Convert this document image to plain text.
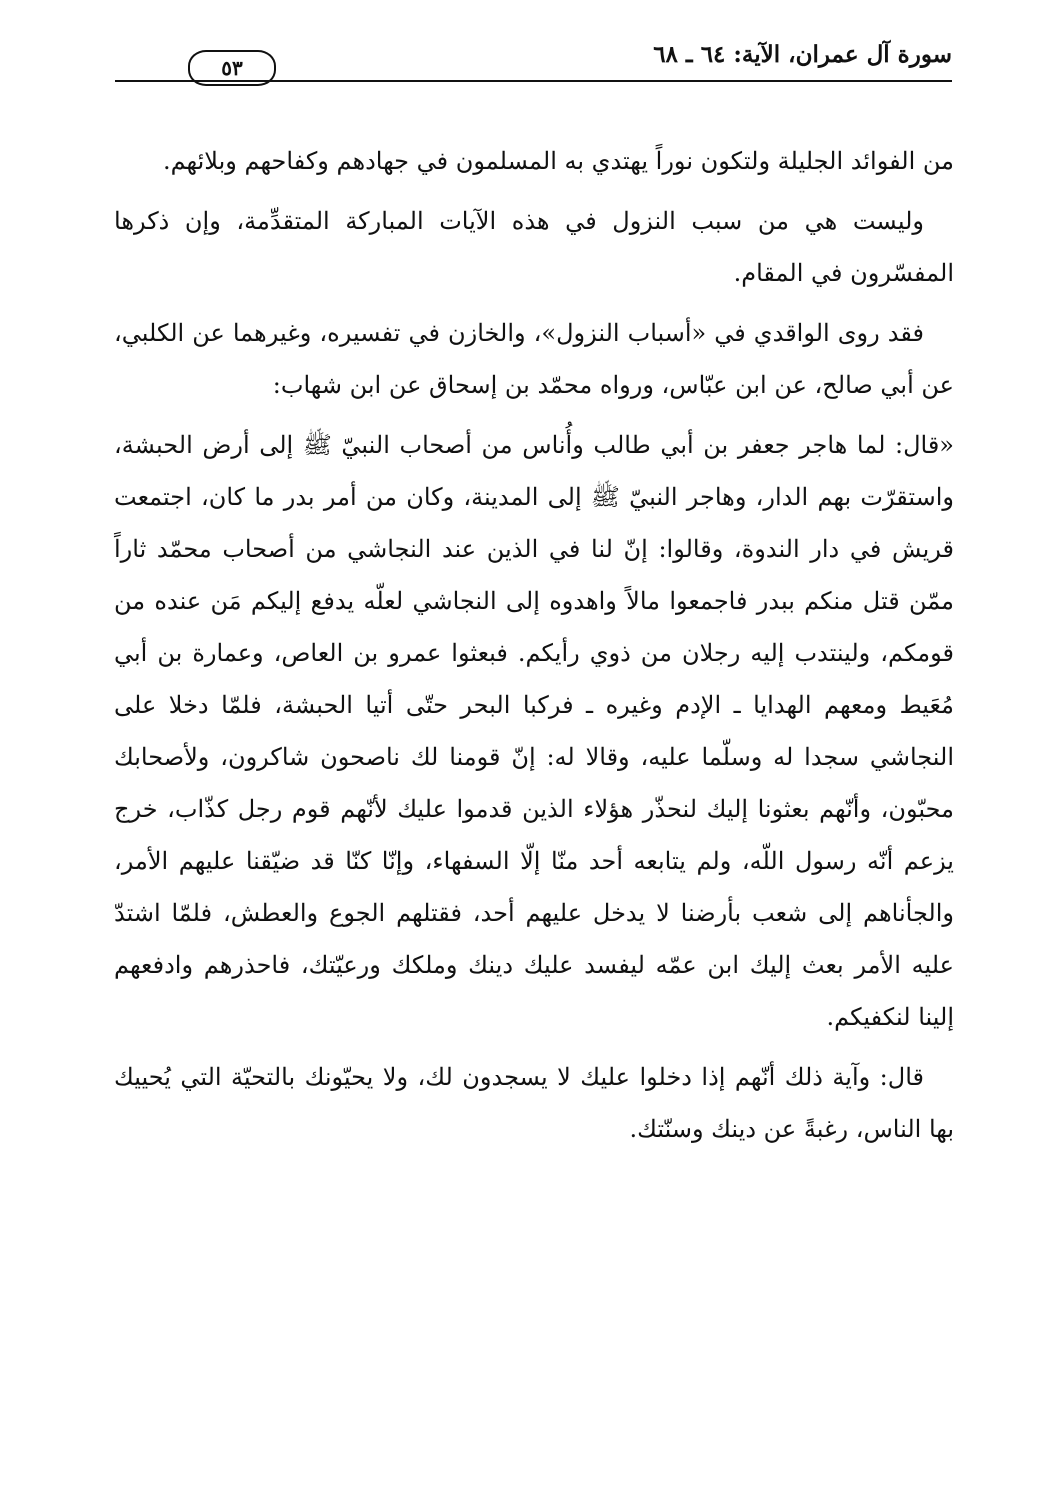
سورة آل عمران، الآية: ٦٤ ـ ٦٨
٥٣

من الفوائد الجليلة ولتكون نوراً يهتدي به المسلمون في جهادهم وكفاحهم وبلائهم.

وليست هي من سبب النزول في هذه الآيات المباركة المتقدِّمة، وإن ذكرها المفسّرون في المقام.

فقد روى الواقدي في «أسباب النزول»، والخازن في تفسيره، وغيرهما عن الكلبي، عن أبي صالح، عن ابن عبّاس، ورواه محمّد بن إسحاق عن ابن شهاب:

«قال: لما هاجر جعفر بن أبي طالب وأُناس من أصحاب النبيّ ﷺ إلى أرض الحبشة، واستقرّت بهم الدار، وهاجر النبيّ ﷺ إلى المدينة، وكان من أمر بدر ما كان، اجتمعت قريش في دار الندوة، وقالوا: إنّ لنا في الذين عند النجاشي من أصحاب محمّد ثاراً ممّن قتل منكم ببدر فاجمعوا مالاً واهدوه إلى النجاشي لعلّه يدفع إليكم مَن عنده من قومكم، ولينتدب إليه رجلان من ذوي رأيكم. فبعثوا عمرو بن العاص، وعمارة بن أبي مُعَيط ومعهم الهدايا ـ الإدم وغيره ـ فركبا البحر حتّى أتيا الحبشة، فلمّا دخلا على النجاشي سجدا له وسلّما عليه، وقالا له: إنّ قومنا لك ناصحون شاكرون، ولأصحابك محبّون، وأنّهم بعثونا إليك لنحذّر هؤلاء الذين قدموا عليك لأنّهم قوم رجل كذّاب، خرج يزعم أنّه رسول اللّه، ولم يتابعه أحد منّا إلّا السفهاء، وإنّا كنّا قد ضيّقنا عليهم الأمر، والجأناهم إلى شعب بأرضنا لا يدخل عليهم أحد، فقتلهم الجوع والعطش، فلمّا اشتدّ عليه الأمر بعث إليك ابن عمّه ليفسد عليك دينك وملكك ورعيّتك، فاحذرهم وادفعهم إلينا لنكفيكم.

قال: وآية ذلك أنّهم إذا دخلوا عليك لا يسجدون لك، ولا يحيّونك بالتحيّة التي يُحييك بها الناس، رغبةً عن دينك وسنّتك.
